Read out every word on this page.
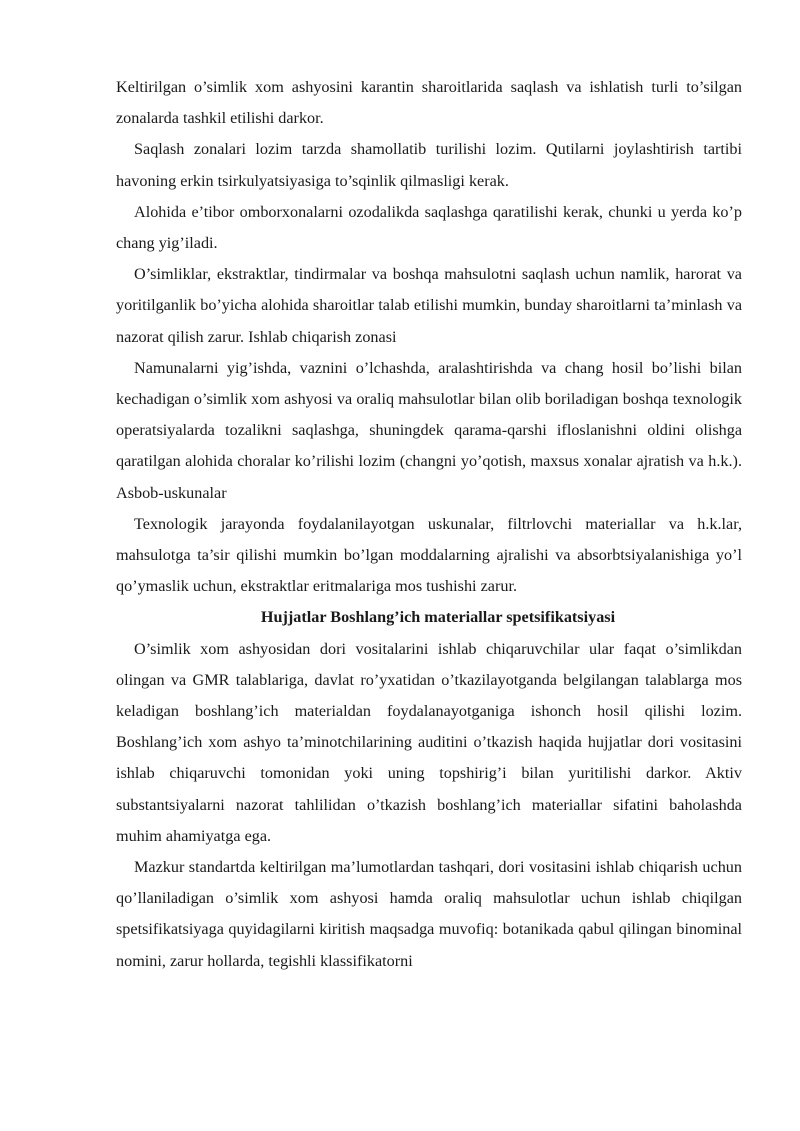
Keltirilgan o’simlik xom ashyosini karantin sharoitlarida saqlash va ishlatish turli to’silgan zonalarda tashkil etilishi darkor.

Saqlash zonalari lozim tarzda shamollatib turilishi lozim. Qutilarni joylashtirish tartibi havoning erkin tsirkulyatsiyasiga to’sqinlik qilmasligi kerak.

Alohida e’tibor omborxonalarni ozodalikda saqlashga qaratilishi kerak, chunki u yerda ko’p chang yig’iladi.

O’simliklar, ekstraktlar, tindirmalar va boshqa mahsulotni saqlash uchun namlik, harorat va yoritilganlik bo’yicha alohida sharoitlar talab etilishi mumkin, bunday sharoitlarni ta’minlash va nazorat qilish zarur. Ishlab chiqarish zonasi

Namunalarni yig’ishda, vaznini o’lchashda, aralashtirishda va chang hosil bo’lishi bilan kechadigan o’simlik xom ashyosi va oraliq mahsulotlar bilan olib boriladigan boshqa texnologik operatsiyalarda tozalikni saqlashga, shuningdek qarama-qarshi ifloslanishni oldini olishga qaratilgan alohida choralar ko’rilishi lozim (changni yo’qotish, maxsus xonalar ajratish va h.k.). Asbob-uskunalar

Texnologik jarayonda foydalanilayotgan uskunalar, filtrlovchi materiallar va h.k.lar, mahsulotga ta’sir qilishi mumkin bo’lgan moddalarning ajralishi va absorbtsiyalanishiga yo’l qo’ymaslik uchun, ekstraktlar eritmalariga mos tushishi zarur.

Hujjatlar Boshlang’ich materiallar spetsifikatsiyasi

O’simlik xom ashyosidan dori vositalarini ishlab chiqaruvchilar ular faqat o’simlikdan olingan va GMR talablariga, davlat ro’yxatidan o’tkazilayotganda belgilangan talablarga mos keladigan boshlang’ich materialdan foydalanayotganiga ishonch hosil qilishi lozim. Boshlang’ich xom ashyo ta’minotchilarining auditini o’tkazish haqida hujjatlar dori vositasini ishlab chiqaruvchi tomonidan yoki uning topshirig’i bilan yuritilishi darkor. Aktiv substantsiyalarni nazorat tahlilidan o’tkazish boshlang’ich materiallar sifatini baholashda muhim ahamiyatga ega.

Mazkur standartda keltirilgan ma’lumotlardan tashqari, dori vositasini ishlab chiqarish uchun qo’llaniladigan o’simlik xom ashyosi hamda oraliq mahsulotlar uchun ishlab chiqilgan spetsifikatsiyaga quyidagilarni kiritish maqsadga muvofiq: botanikada qabul qilingan binominal nomini, zarur hollarda, tegishli klassifikatorni
